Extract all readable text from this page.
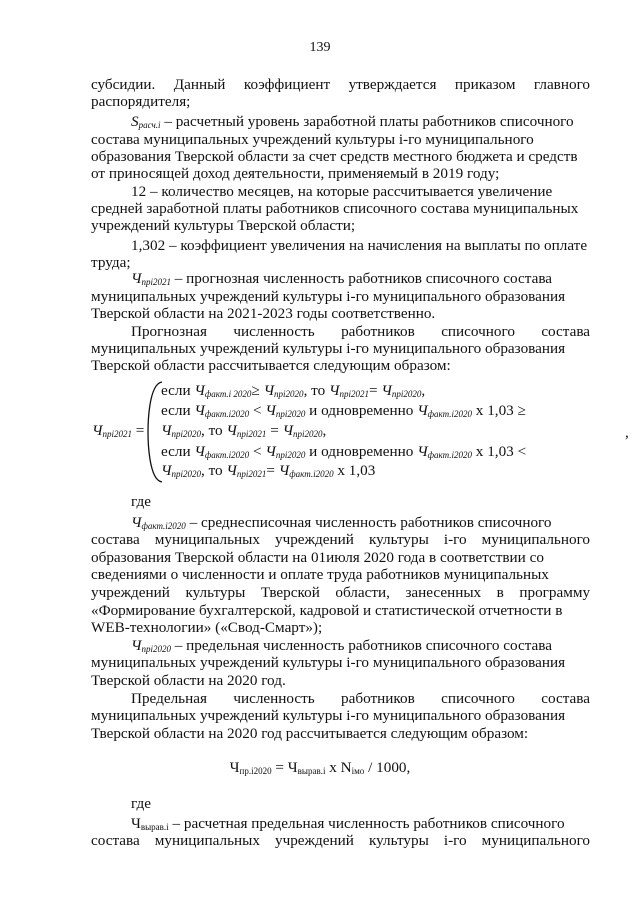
139
субсидии. Данный коэффициент утверждается приказом главного
распорядителя;
$S_{расч.i}$ – расчетный уровень заработной платы работников списочного
состава муниципальных учреждений культуры i-го муниципального
образования Тверской области за счет средств местного бюджета и средств
от приносящей доход деятельности, применяемый в 2019 году;
12 – количество месяцев, на которые рассчитывается увеличение
средней заработной платы работников списочного состава муниципальных
учреждений культуры Тверской области;
1,302 – коэффициент увеличения на начисления на выплаты по оплате
труда;
$Ч_{прi2021}$ – прогнозная численность работников списочного состава
муниципальных учреждений культуры i-го муниципального образования
Тверской области на 2021-2023 годы соответственно.
Прогнозная численность работников списочного состава
муниципальных учреждений культуры i-го муниципального образования
Тверской области рассчитывается следующим образом:
$Ч_{прi2021}$ =
если $Ч_{факт.i 2020}\ge Ч_{прi2020}$, то $Ч_{прi2021}= Ч_{прi2020}$,
если $Ч_{факт.i2020} < Ч_{прi2020}$ и одновременно $Ч_{факт.i2020}$ х 1,03 ≥
$Ч_{прi2020}$, то $Ч_{прi2021} = Ч_{прi2020}$,
если $Ч_{факт.i2020} < Ч_{прi2020}$ и одновременно $Ч_{факт.i2020}$ х 1,03 <
$Ч_{прi2020}$, то $Ч_{прi2021}= Ч_{факт.i2020}$ х 1,03
,
где
$Ч_{факт.i2020}$ – среднесписочная численность работников списочного
состава муниципальных учреждений культуры i-го муниципального
образования Тверской области на 01июля 2020 года в соответствии со
сведениями о численности и оплате труда работников муниципальных
учреждений культуры Тверской области, занесенных в программу
«Формирование бухгалтерской, кадровой и статистической отчетности в
WEB-технологии» («Свод-Смарт»);
$Ч_{прi2020}$ – предельная численность работников списочного состава
муниципальных учреждений культуры i-го муниципального образования
Тверской области на 2020 год.
Предельная численность работников списочного состава
муниципальных учреждений культуры i-го муниципального образования
Тверской области на 2020 год рассчитывается следующим образом:
Чпр.i2020 = Чвырав.i х Niмо / 1000,
где
Чвырав.i – расчетная предельная численность работников списочного
состава муниципальных учреждений культуры i-го муниципального
